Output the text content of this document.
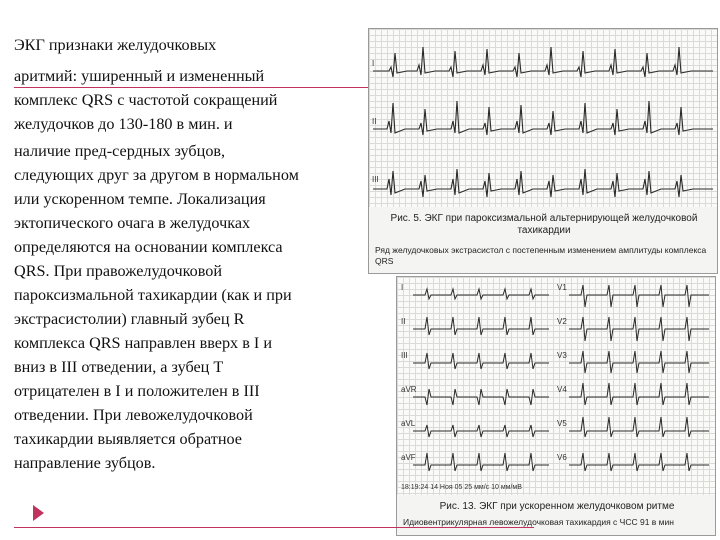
ЭКГ признаки желудочковых

аритмий: уширенный и измененный
комплекс QRS с частотой сокращений
желудочков до 130-180 в мин. и

наличие пред-сердных зубцов,
следующих друг за другом в нормальном
или ускоренном темпе. Локализация
эктопического очага в желудочках
определяются на основании комплекса
QRS. При правожелудочковой
пароксизмальной тахикардии (как и при
экстрасистолии) главный зубец R
комплекса QRS направлен вверх в I и
вниз в III отведении, а зубец Т
отрицателен в I и положителен в III
отведении. При левожелудочковой
тахикардии выявляется обратное
направление зубцов.

I
II
III
Рис. 5. ЭКГ при пароксизмальной альтернирующей желудочковой тахикардии
Ряд желудочковых экстрасистол с постепенным изменением амплитуды комплекса QRS
I
II
III
aVR
aVL
aVF
V1
V2
V3
V4
V5
V6
18:19:24 14 Ноя 05 25 мм/с 10 мм/мВ
Рис. 13. ЭКГ при ускоренном желудочковом ритме
Идиовентрикулярная левожелудочковая тахикардия с ЧСС 91 в мин
